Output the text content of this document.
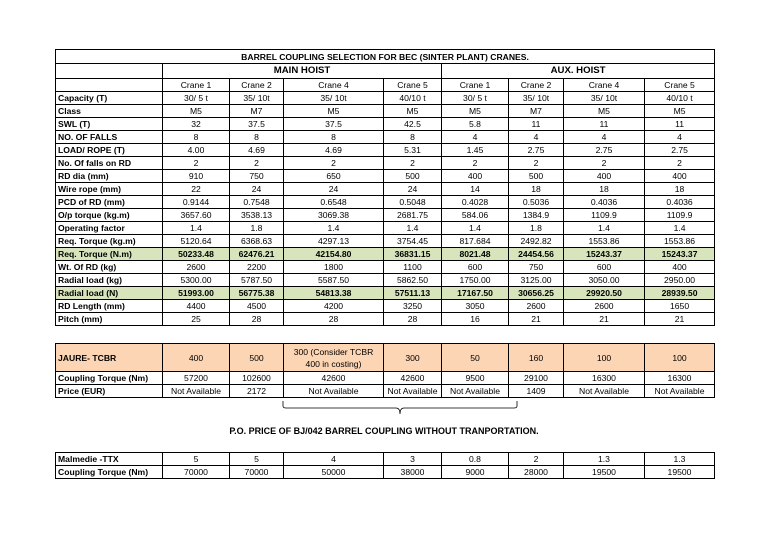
BARREL COUPLING SELECTION FOR BEC (SINTER PLANT) CRANES.								
	MAIN HOIST				AUX. HOIST			
	Crane 1	Crane 2	Crane 4	Crane 5	Crane 1	Crane 2	Crane 4	Crane 5
Capacity (T)	30/ 5 t	35/ 10t	35/ 10t	40/10 t	30/ 5 t	35/ 10t	35/ 10t	40/10 t
Class	M5	M7	M5	M5	M5	M7	M5	M5
SWL (T)	32	37.5	37.5	42.5	5.8	11	11	11
NO. OF FALLS	8	8	8	8	4	4	4	4
LOAD/ ROPE (T)	4.00	4.69	4.69	5.31	1.45	2.75	2.75	2.75
No. Of falls on RD	2	2	2	2	2	2	2	2
RD dia (mm)	910	750	650	500	400	500	400	400
Wire rope (mm)	22	24	24	24	14	18	18	18
PCD of RD (mm)	0.9144	0.7548	0.6548	0.5048	0.4028	0.5036	0.4036	0.4036
O/p torque (kg.m)	3657.60	3538.13	3069.38	2681.75	584.06	1384.9	1109.9	1109.9
Operating factor	1.4	1.8	1.4	1.4	1.4	1.8	1.4	1.4
Req. Torque (kg.m)	5120.64	6368.63	4297.13	3754.45	817.684	2492.82	1553.86	1553.86
Req. Torque (N.m)	50233.48	62476.21	42154.80	36831.15	8021.48	24454.56	15243.37	15243.37
Wt. Of RD (kg)	2600	2200	1800	1100	600	750	600	400
Radial load (kg)	5300.00	5787.50	5587.50	5862.50	1750.00	3125.00	3050.00	2950.00
Radial load (N)	51993.00	56775.38	54813.38	57511.13	17167.50	30656.25	29920.50	28939.50
RD Length (mm)	4400	4500	4200	3250	3050	2600	2600	1650
Pitch (mm)	25	28	28	28	16	21	21	21
JAURE- TCBR	400	500	300 (Consider TCBR 400 in costing)	300	50	160	100	100
Coupling Torque (Nm)	57200	102600	42600	42600	9500	29100	16300	16300
Price (EUR)	Not Available	2172	Not Available	Not Available	Not Available	1409	Not Available	Not Available
P.O. PRICE OF BJ/042 BARREL COUPLING WITHOUT TRANPORTATION.
Malmedie -TTX	5	5	4	3	0.8	2	1.3	1.3
Coupling Torque (Nm)	70000	70000	50000	38000	9000	28000	19500	19500
